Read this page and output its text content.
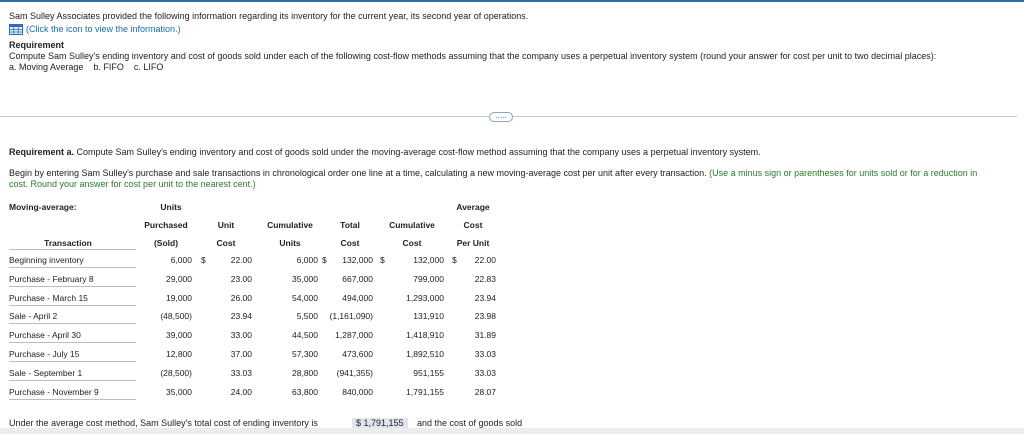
Sam Sulley Associates provided the following information regarding its inventory for the current year, its second year of operations.
(Click the icon to view the information.)
Requirement
Compute Sam Sulley's ending inventory and cost of goods sold under each of the following cost-flow methods assuming that the company uses a perpetual inventory system (round your answer for cost per unit to two decimal places):
a. Moving Average    b. FIFO    c. LIFO
.....
Requirement a. Compute Sam Sulley's ending inventory and cost of goods sold under the moving-average cost-flow method assuming that the company uses a perpetual inventory system.
Begin by entering Sam Sulley's purchase and sale transactions in chronological order one line at a time, calculating a new moving-average cost per unit after every transaction. (Use a minus sign or parentheses for units sold or for a reduction in
cost. Round your answer for cost per unit to the nearest cent.)
Moving-average:	Units
Purchased
(Sold)
Unit
Cost
Cumulative
Units
Total
Cost
Cumulative
Cost
Average
Cost
Per Unit
Transaction
Beginning inventory	6,000 $	22.00	6,000 $	132,000 $	132,000 $	22.00
Purchase - February 8	29,000	23.00	35,000	667,000	799,000	22.83
Purchase - March 15	19,000	26.00	54,000	494,000	1,293,000	23.94
Sale - April 2	(48,500)	23.94	5,500	(1,161,090)	131,910	23.98
Purchase - April 30	39,000	33.00	44,500	1,287,000	1,418,910	31.89
Purchase - July 15	12,800	37.00	57,300	473,600	1,892,510	33.03
Sale - September 1	(28,500)	33.03	28,800	(941,355)	951,155	33.03
Purchase - November 9	35,000	24.00	63,800	840,000	1,791,155	28.07
Under the average cost method, Sam Sulley's total cost of ending inventory is	$ 1,791,155 and the cost of goods sold
